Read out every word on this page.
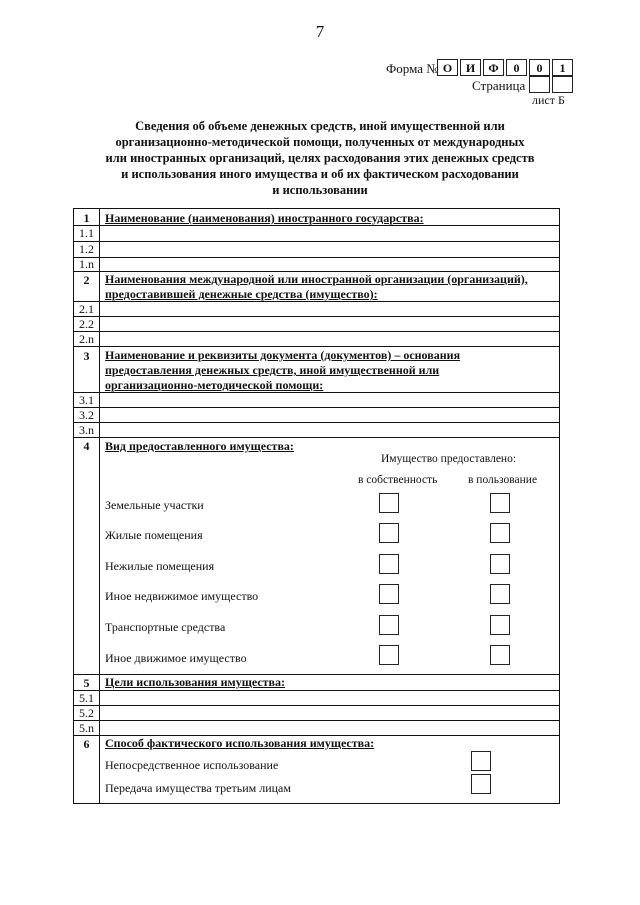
7
Форма № О	И	Ф	0	0	1
Страница
лист Б
Сведения об объеме денежных средств, иной имущественной или
организационно-методической помощи, полученных от международных
или иностранных организаций, целях расходования этих денежных средств
и использования иного имущества и об их фактическом расходовании
и использовании
1	Наименование (наименования) иностранного государства:
1.1
1.2
1.n
2	Наименования международной или иностранной организации (организаций), предоставившей денежные средства (имущество):
2.1
2.2
2.n
3	Наименование и реквизиты документа (документов) – основания предоставления денежных средств, иной имущественной или организационно-методической помощи:
3.1
3.2
3.n
4	Вид предоставленного имущества:
Имущество предоставлено:
в собственность	в пользование
Земельные участки
Жилые помещения
Нежилые помещения
Иное недвижимое имущество
Транспортные средства
Иное движимое имущество
5	Цели использования имущества:
5.1
5.2
5.n
6	Способ фактического использования имущества:
Непосредственное использование
Передача имущества третьим лицам
